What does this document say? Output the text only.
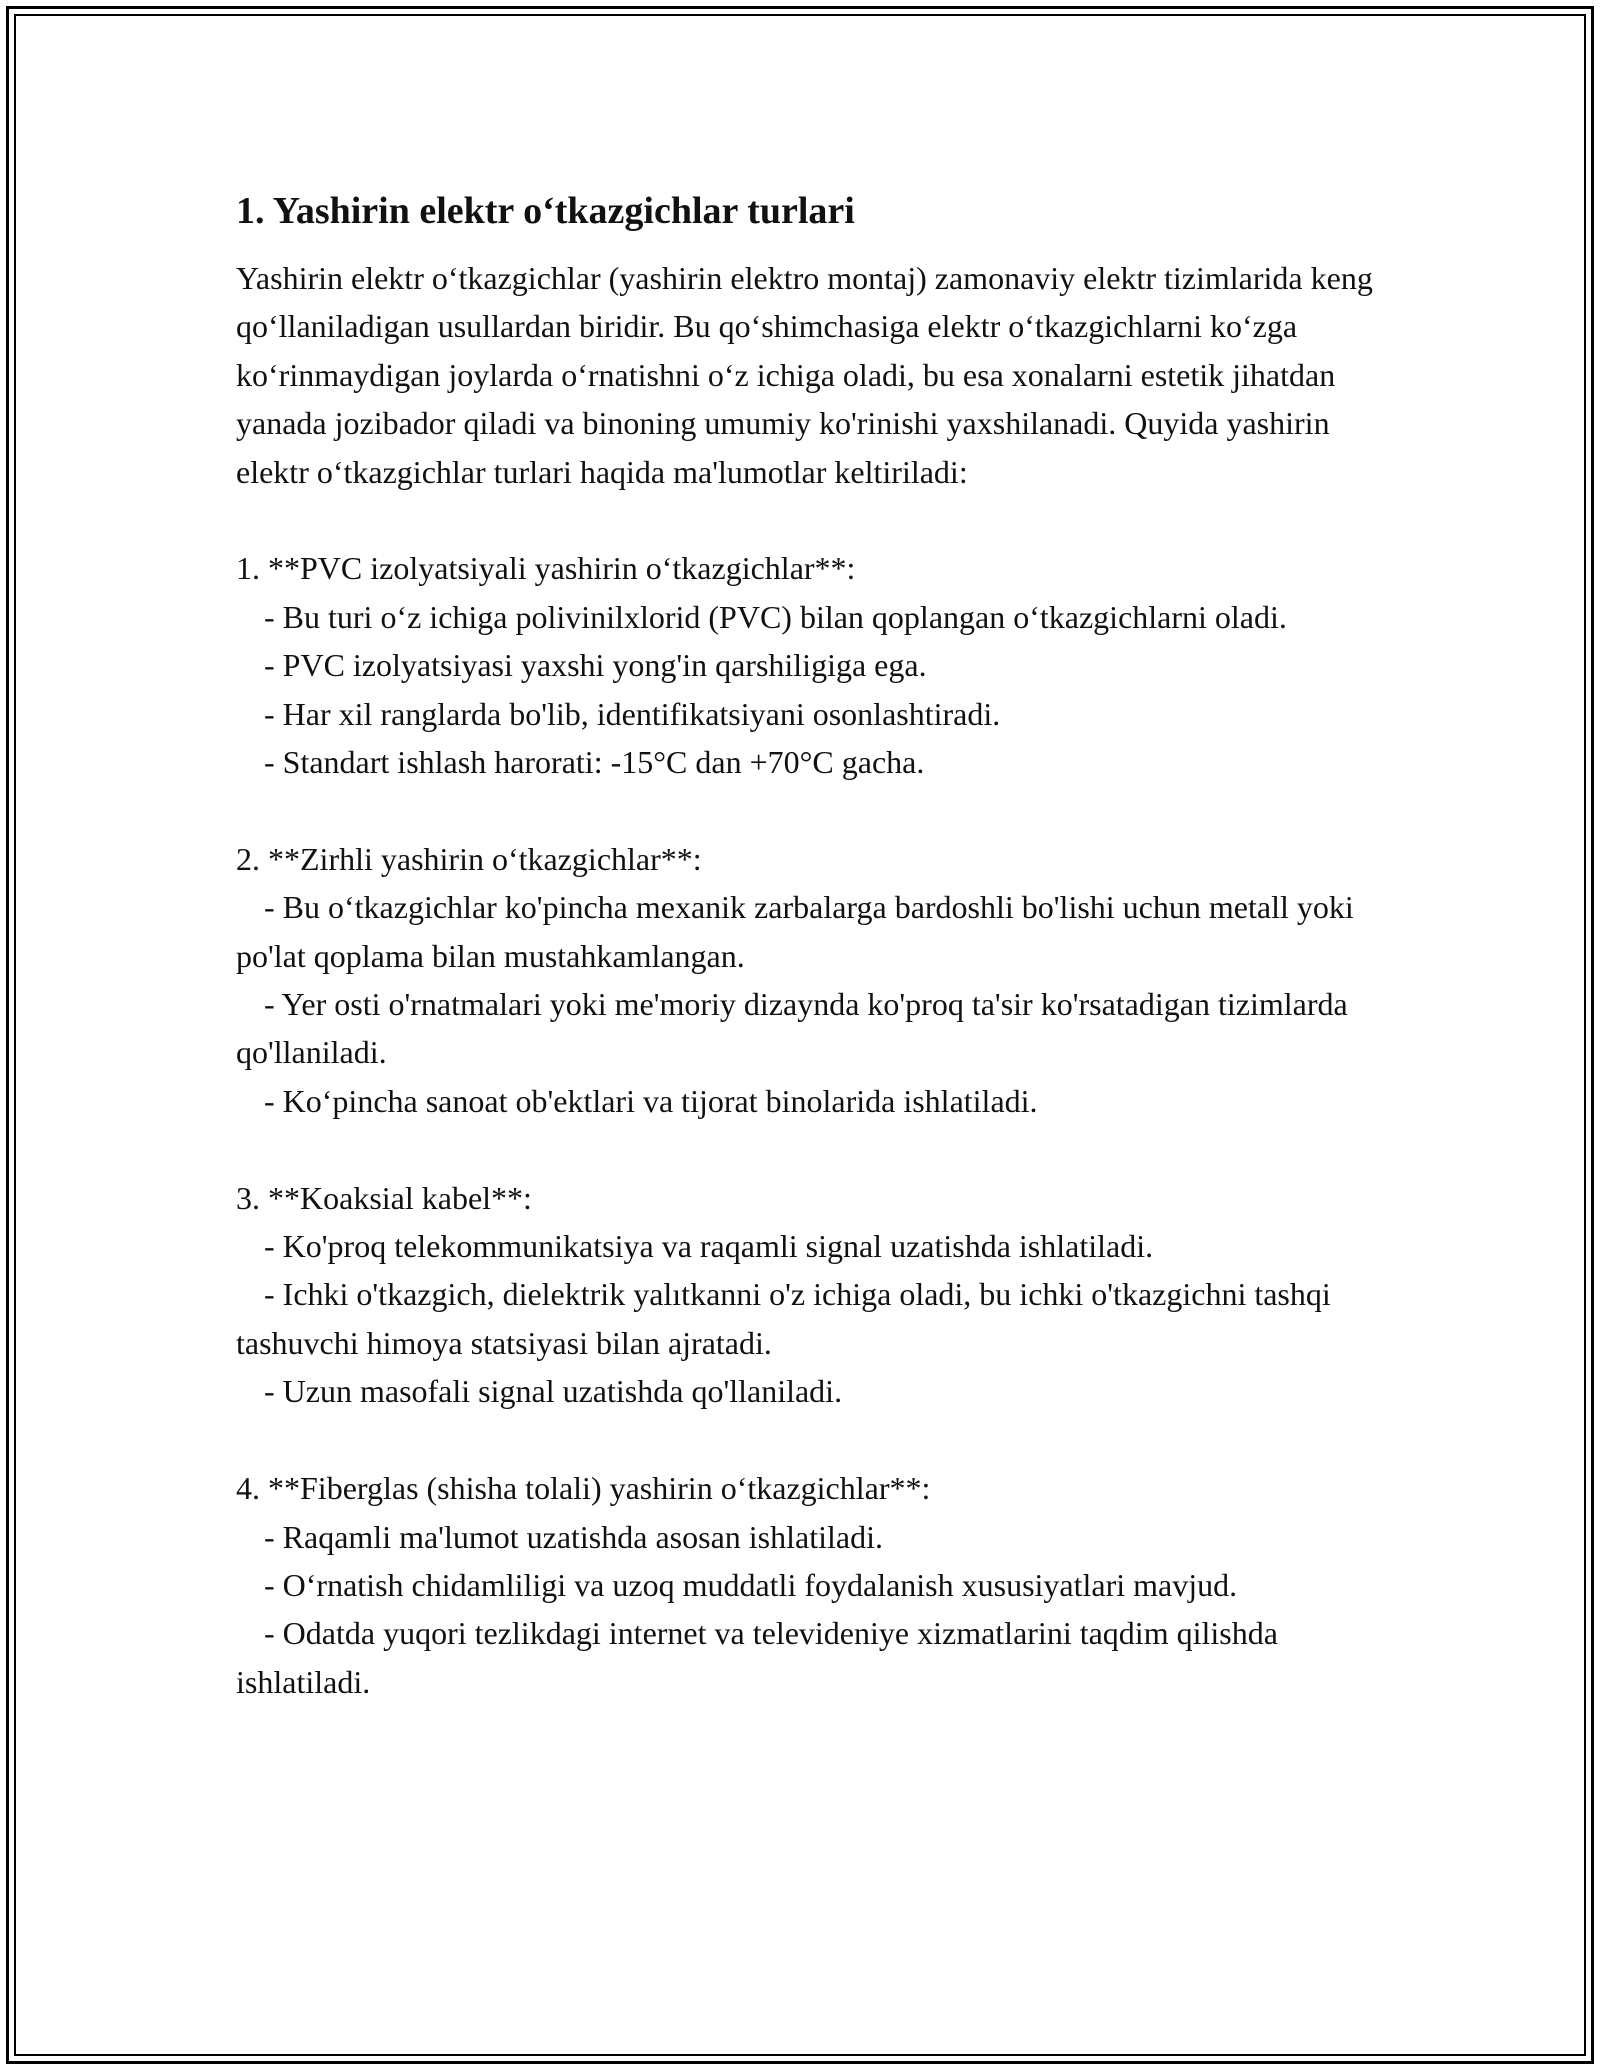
1. Yashirin elektr o‘tkazgichlar turlari

Yashirin elektr o‘tkazgichlar (yashirin elektro montaj) zamonaviy elektr tizimlarida keng qo‘llaniladigan usullardan biridir. Bu qo‘shimchasiga elektr o‘tkazgichlarni ko‘zga ko‘rinmaydigan joylarda o‘rnatishni o‘z ichiga oladi, bu esa xonalarni estetik jihatdan yanada jozibador qiladi va binoning umumiy ko'rinishi yaxshilanadi. Quyida yashirin elektr o‘tkazgichlar turlari haqida ma'lumotlar keltiriladi:

1. **PVC izolyatsiyali yashirin o‘tkazgichlar**:
- Bu turi o‘z ichiga polivinilxlorid (PVC) bilan qoplangan o‘tkazgichlarni oladi.
- PVC izolyatsiyasi yaxshi yong'in qarshiligiga ega.
- Har xil ranglarda bo'lib, identifikatsiyani osonlashtiradi.
- Standart ishlash harorati: -15°C dan +70°C gacha.
2. **Zirhli yashirin o‘tkazgichlar**:
- Bu o‘tkazgichlar ko'pincha mexanik zarbalarga bardoshli bo'lishi uchun metall yoki po'lat qoplama bilan mustahkamlangan.
- Yer osti o'rnatmalari yoki me'moriy dizaynda ko'proq ta'sir ko'rsatadigan tizimlarda qo'llaniladi.
- Ko‘pincha sanoat ob'ektlari va tijorat binolarida ishlatiladi.
3. **Koaksial kabel**:
- Ko'proq telekommunikatsiya va raqamli signal uzatishda ishlatiladi.
- Ichki o'tkazgich, dielektrik yalıtkanni o'z ichiga oladi, bu ichki o'tkazgichni tashqi tashuvchi himoya statsiyasi bilan ajratadi.
- Uzun masofali signal uzatishda qo'llaniladi.
4. **Fiberglas (shisha tolali) yashirin o‘tkazgichlar**:
- Raqamli ma'lumot uzatishda asosan ishlatiladi.
- O‘rnatish chidamliligi va uzoq muddatli foydalanish xususiyatlari mavjud.
- Odatda yuqori tezlikdagi internet va televideniye xizmatlarini taqdim qilishda ishlatiladi.
